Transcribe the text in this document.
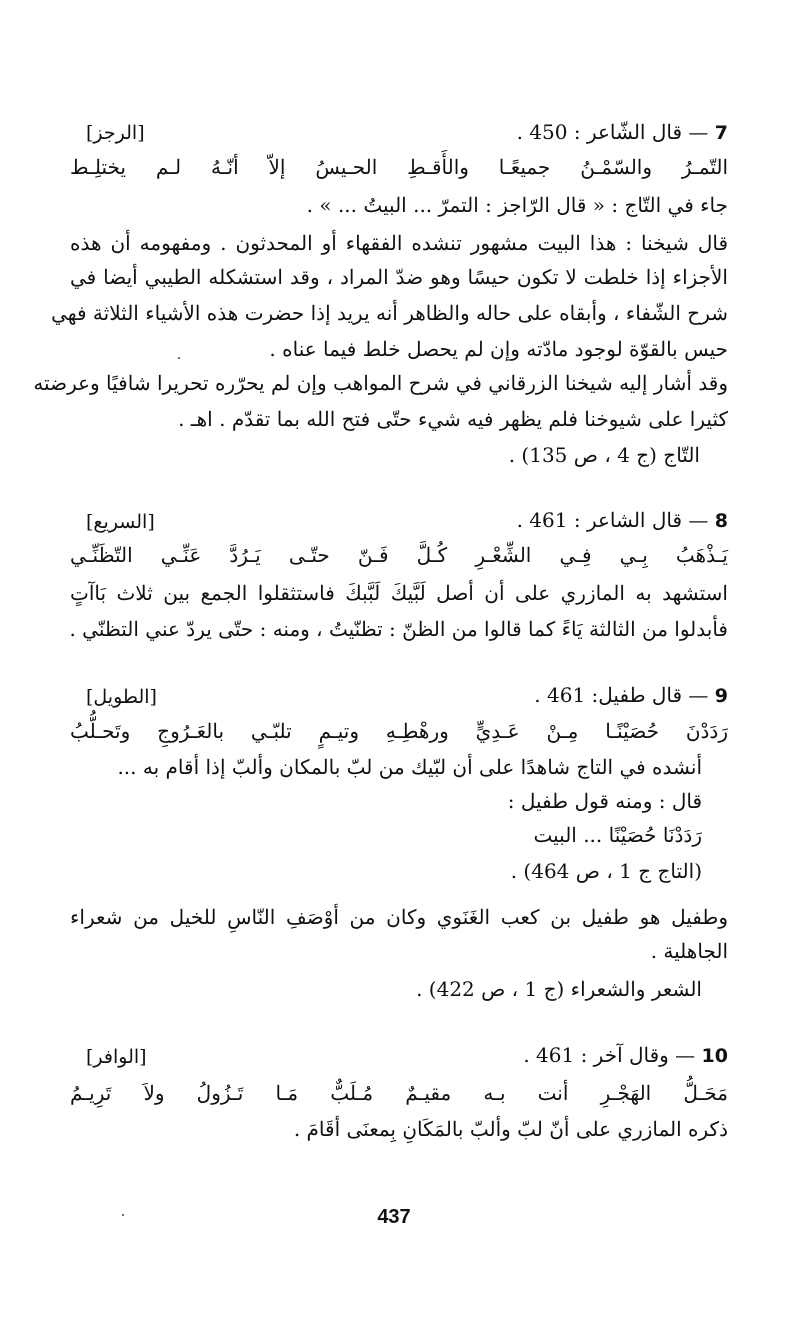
7 — قال الشّاعر : 450 .
[الرجز]
التّمـرُ والسّمْـنُ جميعًـا والأَقـطِ الحـيسُ إلاّ أنّـهُ لـم يختلِـط
جاء في التّاج : « قال الرّاجز : التمرّ ... البيتُ ... » .
قال شيخنا : هذا البيت مشهور تنشده الفقهاء أو المحدثون . ومفهومه أن هذه
الأجزاء إذا خلطت لا تكون حيسًا وهو ضدّ المراد ، وقد استشكله الطيبي أيضا في
شرح الشّفاء ، وأبقاه على حاله والظاهر أنه يريد إذا حضرت هذه الأشياء الثلاثة فهي
حيس بالقوّة لوجود مادّته وإن لم يحصل خلط فيما عناه .
وقد أشار إليه شيخنا الزرقاني في شرح المواهب وإن لم يحرّره تحريرا شافيًا وعرضته
كثيرا على شيوخنا فلم يظهر فيه شيء حتّى فتح الله بما تقدّم . اهـ .
التّاج (ج 4 ، ص 135) .
8 — قال الشاعر : 461 .
[السريع]
يَـذْهَبُ بِـي فِـي الشِّعْـرِ كُـلَّ فَـنّ حتّـى يَـرُدَّ عَنِّـي التّظَنِّـي
استشهد به المازري على أن أصل لَبَّيكَ لَبَّبكَ فاستثقلوا الجمع بين ثلاث بَاآتٍ
فأبدلوا من الثالثة يَاءً كما قالوا من الظنّ : تظنّيتُ ، ومنه : حتّى يردّ عني التظنّي .
9 — قال طفيل: 461 .
[الطويل]
رَدَدْنَ حُصَيْنًـا مِـنْ عَـدِيٍّ ورهْطِـهِ وتيـمٍ تلبّـي بالعَـرُوجِ وتَحـلُّبُ
أنشده في التاج شاهدًا على أن لبّيك من لبّ بالمكان وألبّ إذا أقام به ...
قال : ومنه قول طفيل :
رَدَدْنَا حُصَيْنًا ... البيت
(التاج ج 1 ، ص 464) .
وطفيل هو طفيل بن كعب الغَنَوي وكان من أوْصَفِ النّاسِ للخيل من شعراء
الجاهلية .
الشعر والشعراء (ج 1 ، ص 422) .
10 — وقال آخر : 461 .
[الوافر]
مَحَـلُّ الهَجْـرِ أنت بـه مقيـمٌ مُـلَبٌّ مَـا تَـزُولُ ولاَ تَرِيـمُ
ذكره المازري على أنّ لبّ وألبّ بالمَكَانِ بِمعنَى أقَامَ .
437
